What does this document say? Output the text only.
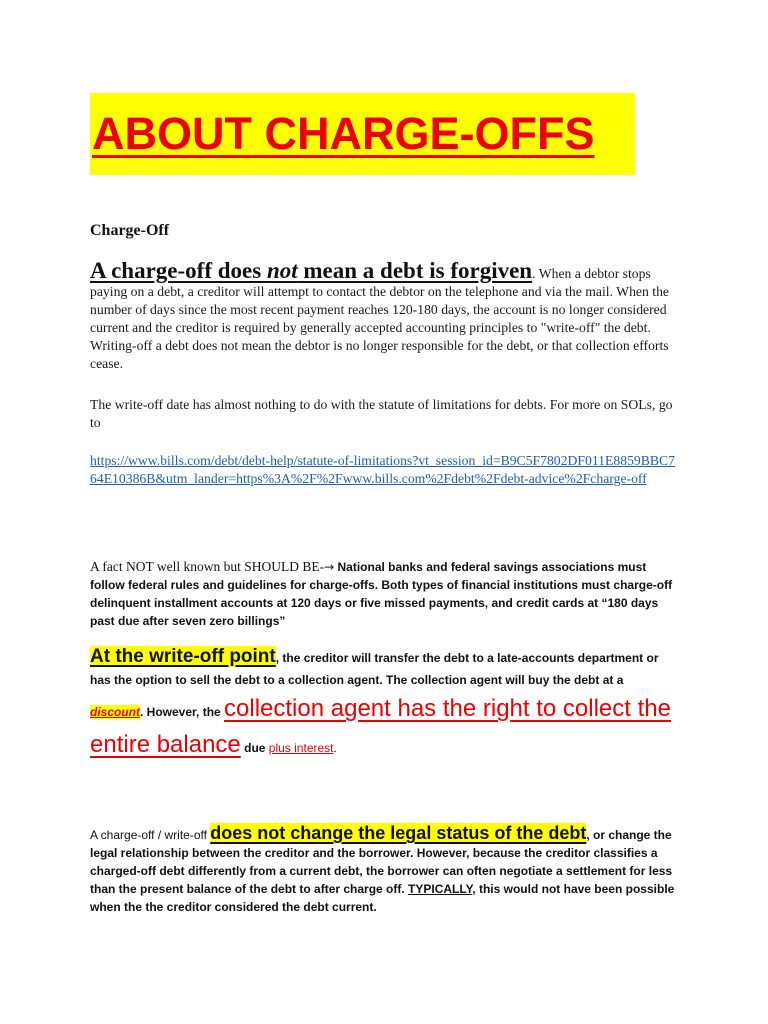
ABOUT CHARGE-OFFS
Charge-Off
A charge-off does not mean a debt is forgiven. When a debtor stops paying on a debt, a creditor will attempt to contact the debtor on the telephone and via the mail. When the number of days since the most recent payment reaches 120-180 days, the account is no longer considered current and the creditor is required by generally accepted accounting principles to "write-off" the debt. Writing-off a debt does not mean the debtor is no longer responsible for the debt, or that collection efforts cease.
The write-off date has almost nothing to do with the statute of limitations for debts. For more on SOLs, go to
https://www.bills.com/debt/debt-help/statute-of-limitations?vt_session_id=B9C5F7802DF011E8859BBC764E10386B&utm_lander=https%3A%2F%2Fwww.bills.com%2Fdebt%2Fdebt-advice%2Fcharge-off
A fact NOT well known but SHOULD BE-→ National banks and federal savings associations must follow federal rules and guidelines for charge-offs. Both types of financial institutions must charge-off delinquent installment accounts at 120 days or five missed payments, and credit cards at “180 days past due after seven zero billings”
At the write-off point, the creditor will transfer the debt to a late-accounts department or has the option to sell the debt to a collection agent. The collection agent will buy the debt at a discount. However, the collection agent has the right to collect the entire balance due plus interest.
A charge-off / write-off does not change the legal status of the debt, or change the legal relationship between the creditor and the borrower. However, because the creditor classifies a charged-off debt differently from a current debt, the borrower can often negotiate a settlement for less than the present balance of the debt to after charge off. TYPICALLY, this would not have been possible when the the creditor considered the debt current.
